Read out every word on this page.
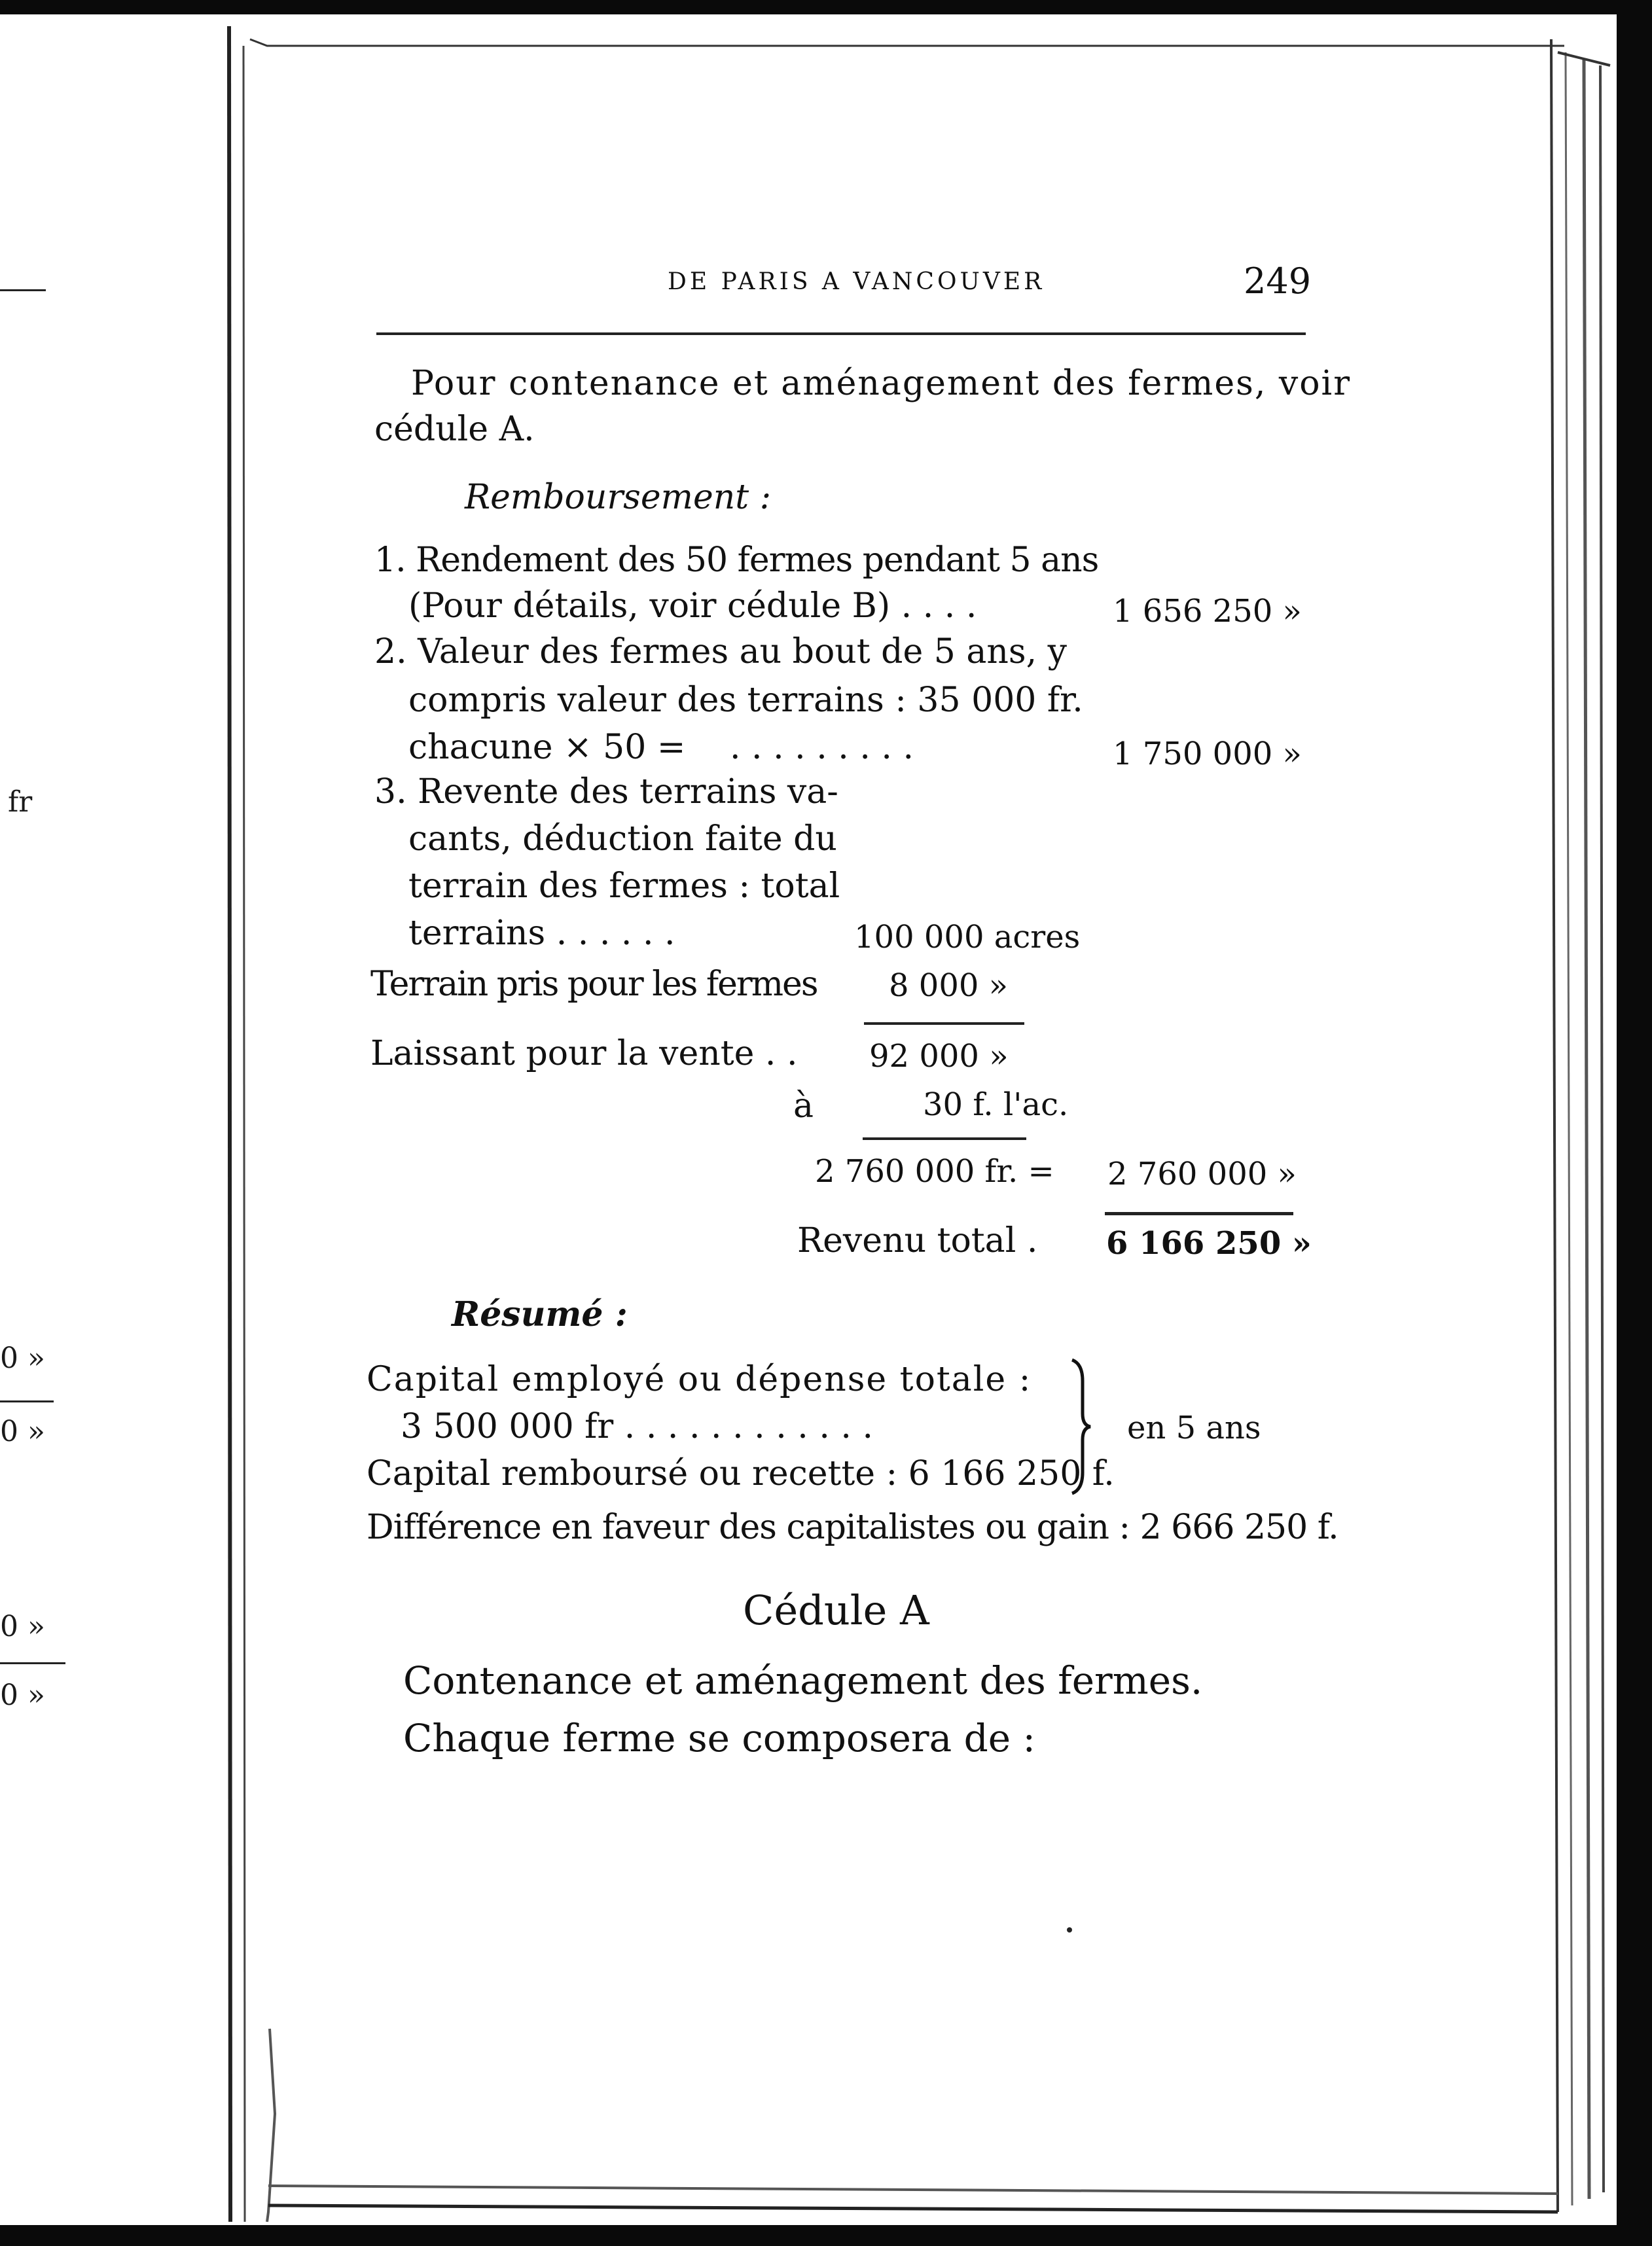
fr
0 »
0 »
0 »
0 »
DE PARIS A VANCOUVER	249
Pour contenance et aménagement des fermes, voir
cédule A.
Remboursement :
1. Rendement des 50 fermes pendant 5 ans
(Pour détails, voir cédule B) . . . .	1 656 250 »
2. Valeur des fermes au bout de 5 ans, y
compris valeur des terrains : 35 000 fr.
chacune × 50 = . . . . . . . . .	1 750 000 »
3. Revente des terrains va-
cants, déduction faite du
terrain des fermes : total
terrains . . . . . .	100 000 acres
Terrain pris pour les fermes 8 000 »
Laissant pour la vente . . 92 000 »
à	30 f. l'ac.
2 760 000 fr. = 2 760 000 »
Revenu total . 6 166 250 »
Résumé :
Capital employé ou dépense totale :
3 500 000 fr . . . . . . . . . . . .
Capital remboursé ou recette : 6 166 250 f.
en 5 ans
Différence en faveur des capitalistes ou gain : 2 666 250 f.
Cédule A
Contenance et aménagement des fermes.
Chaque ferme se composera de :
